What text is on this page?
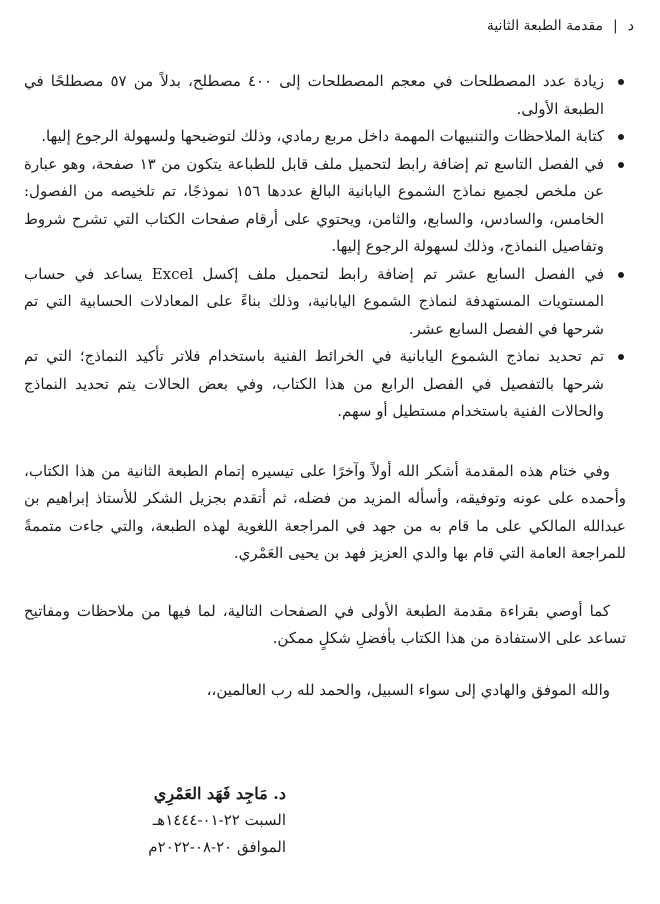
د
|
مقدمة الطبعة الثانية
زيادة عدد المصطلحات في معجم المصطلحات إلى ٤٠٠ مصطلح، بدلاً من ٥٧ مصطلحًا في الطبعة الأولى.
كتابة الملاحظات والتنبيهات المهمة داخل مربع رمادي، وذلك لتوضيحها ولسهولة الرجوع إليها.
في الفصل التاسع تم إضافة رابط لتحميل ملف قابل للطباعة يتكون من ١٣ صفحة، وهو عبارة عن ملخص لجميع نماذج الشموع اليابانية البالغ عددها ١٥٦ نموذجًا، تم تلخيصه من الفصول: الخامس، والسادس، والسابع، والثامن، ويحتوي على أرقام صفحات الكتاب التي تشرح شروط وتفاصيل النماذج، وذلك لسهولة الرجوع إليها.
في الفصل السابع عشر تم إضافة رابط لتحميل ملف إكسل Excel يساعد في حساب المستويات المستهدفة لنماذج الشموع اليابانية، وذلك بناءً على المعادلات الحسابية التي تم شرحها في الفصل السابع عشر.
تم تحديد نماذج الشموع اليابانية في الخرائط الفنية باستخدام فلاتر تأكيد النماذج؛ التي تم شرحها بالتفصيل في الفصل الرابع من هذا الكتاب، وفي بعض الحالات يتم تحديد النماذج والحالات الفنية باستخدام مستطيل أو سهم.

وفي ختام هذه المقدمة أشكر الله أولاً وآخرًا على تيسيره إتمام الطبعة الثانية من هذا الكتاب، وأحمده على عونه وتوفيقه، وأسأله المزيد من فضله، ثم أتقدم بجزيل الشكر للأستاذ إبراهيم بن عبدالله المالكي على ما قام به من جهد في المراجعة اللغوية لهذه الطبعة، والتي جاءت متممةً للمراجعة العامة التي قام بها والدي العزيز فهد بن يحيى العَمْري.

كما أوصي بقراءة مقدمة الطبعة الأولى في الصفحات التالية، لما فيها من ملاحظات ومفاتيح تساعد على الاستفادة من هذا الكتاب بأفضلِ شكلٍ ممكن.

والله الموفق والهادي إلى سواء السبيل، والحمد لله رب العالمين،،

د. مَاجِد فَهَد العَمْرِي
السبت ٢٢-٠١-١٤٤٤هـ
الموافق ٢٠-٠٨-٢٠٢٢م
